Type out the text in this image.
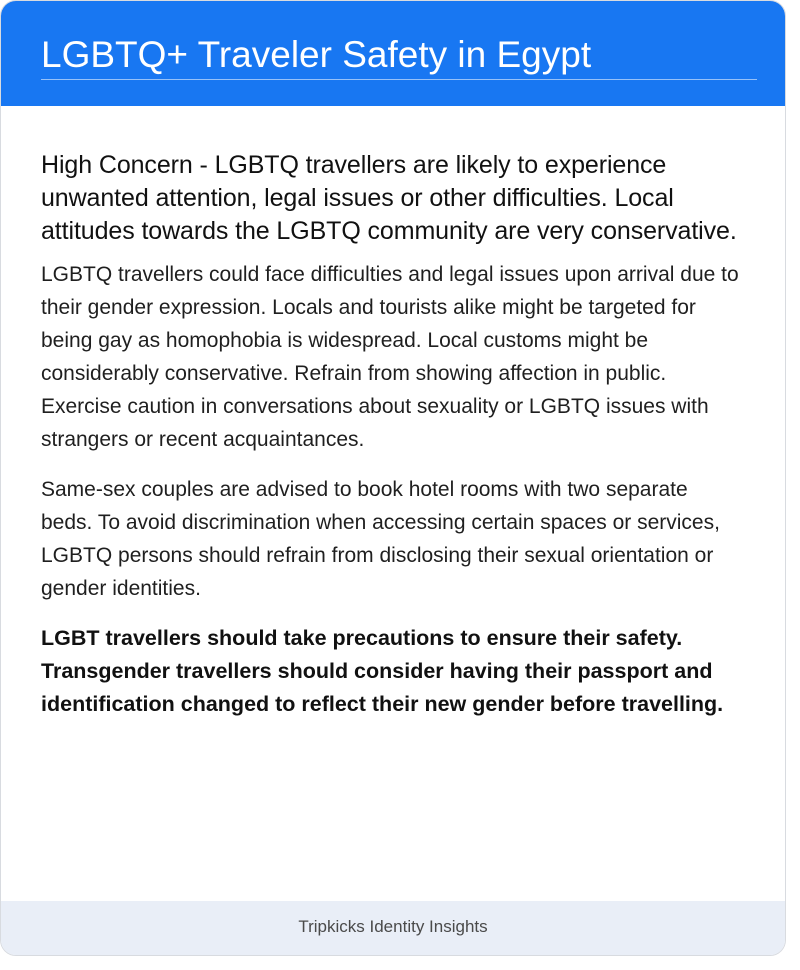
LGBTQ+ Traveler Safety in Egypt

High Concern - LGBTQ travellers are likely to experience unwanted attention, legal issues or other difficulties. Local attitudes towards the LGBTQ community are very conservative.

LGBTQ travellers could face difficulties and legal issues upon arrival due to their gender expression. Locals and tourists alike might be targeted for being gay as homophobia is widespread. Local customs might be considerably conservative. Refrain from showing affection in public. Exercise caution in conversations about sexuality or LGBTQ issues with strangers or recent acquaintances.

Same-sex couples are advised to book hotel rooms with two separate beds. To avoid discrimination when accessing certain spaces or services, LGBTQ persons should refrain from disclosing their sexual orientation or gender identities.

LGBT travellers should take precautions to ensure their safety. Transgender travellers should consider having their passport and identification changed to reflect their new gender before travelling.

Tripkicks Identity Insights
